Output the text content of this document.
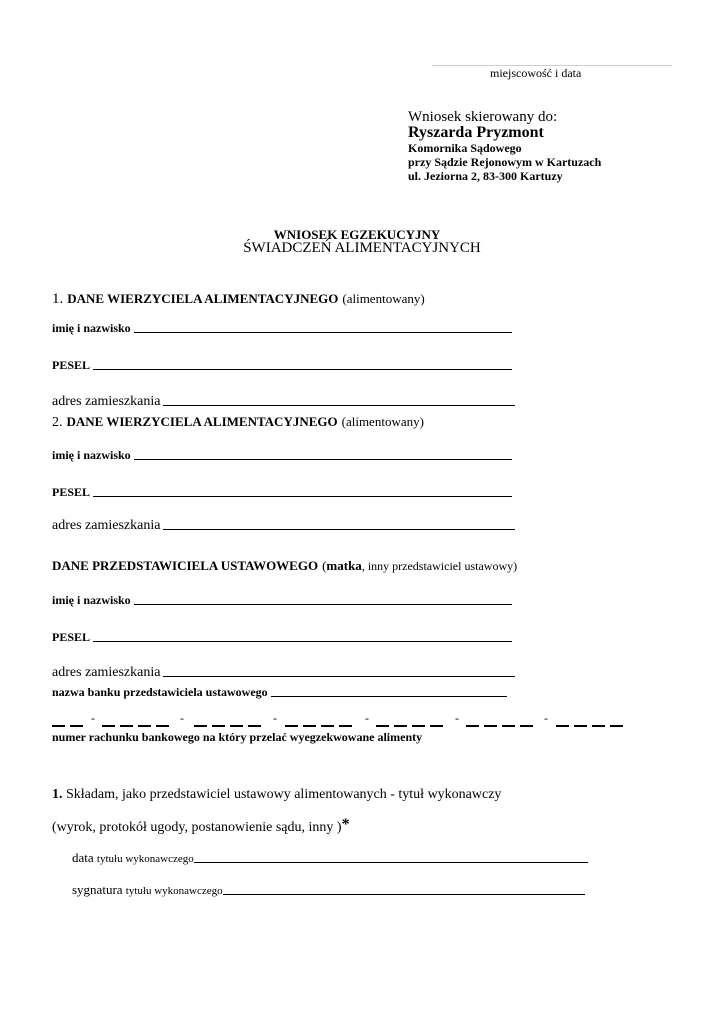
miejscowość i data
Wniosek skierowany do:
Ryszarda Pryzmont
Komornika Sądowego
przy Sądzie Rejonowym w Kartuzach
ul. Jeziorna 2, 83-300 Kartuzy
WNIOSEK EGZEKUCYJNY
ŚWIADCZEŃ ALIMENTACYJNYCH
1. DANE WIERZYCIELA ALIMENTACYJNEGO (alimentowany)
imię i nazwisko
PESEL
adres zamieszkania
2. DANE WIERZYCIELA ALIMENTACYJNEGO (alimentowany)
imię i nazwisko
PESEL
adres zamieszkania
DANE PRZEDSTAWICIELA USTAWOWEGO (matka, inny przedstawiciel ustawowy)
imię i nazwisko
PESEL
adres zamieszkania
nazwa banku przedstawiciela ustawowego
-	-	-	-	-	-
numer rachunku bankowego na który przelać wyegzekwowane alimenty
1. Składam, jako przedstawiciel ustawowy alimentowanych - tytuł wykonawczy
(wyrok, protokół ugody, postanowienie sądu, inny )*
data tytułu wykonawczego
sygnatura tytułu wykonawczego
